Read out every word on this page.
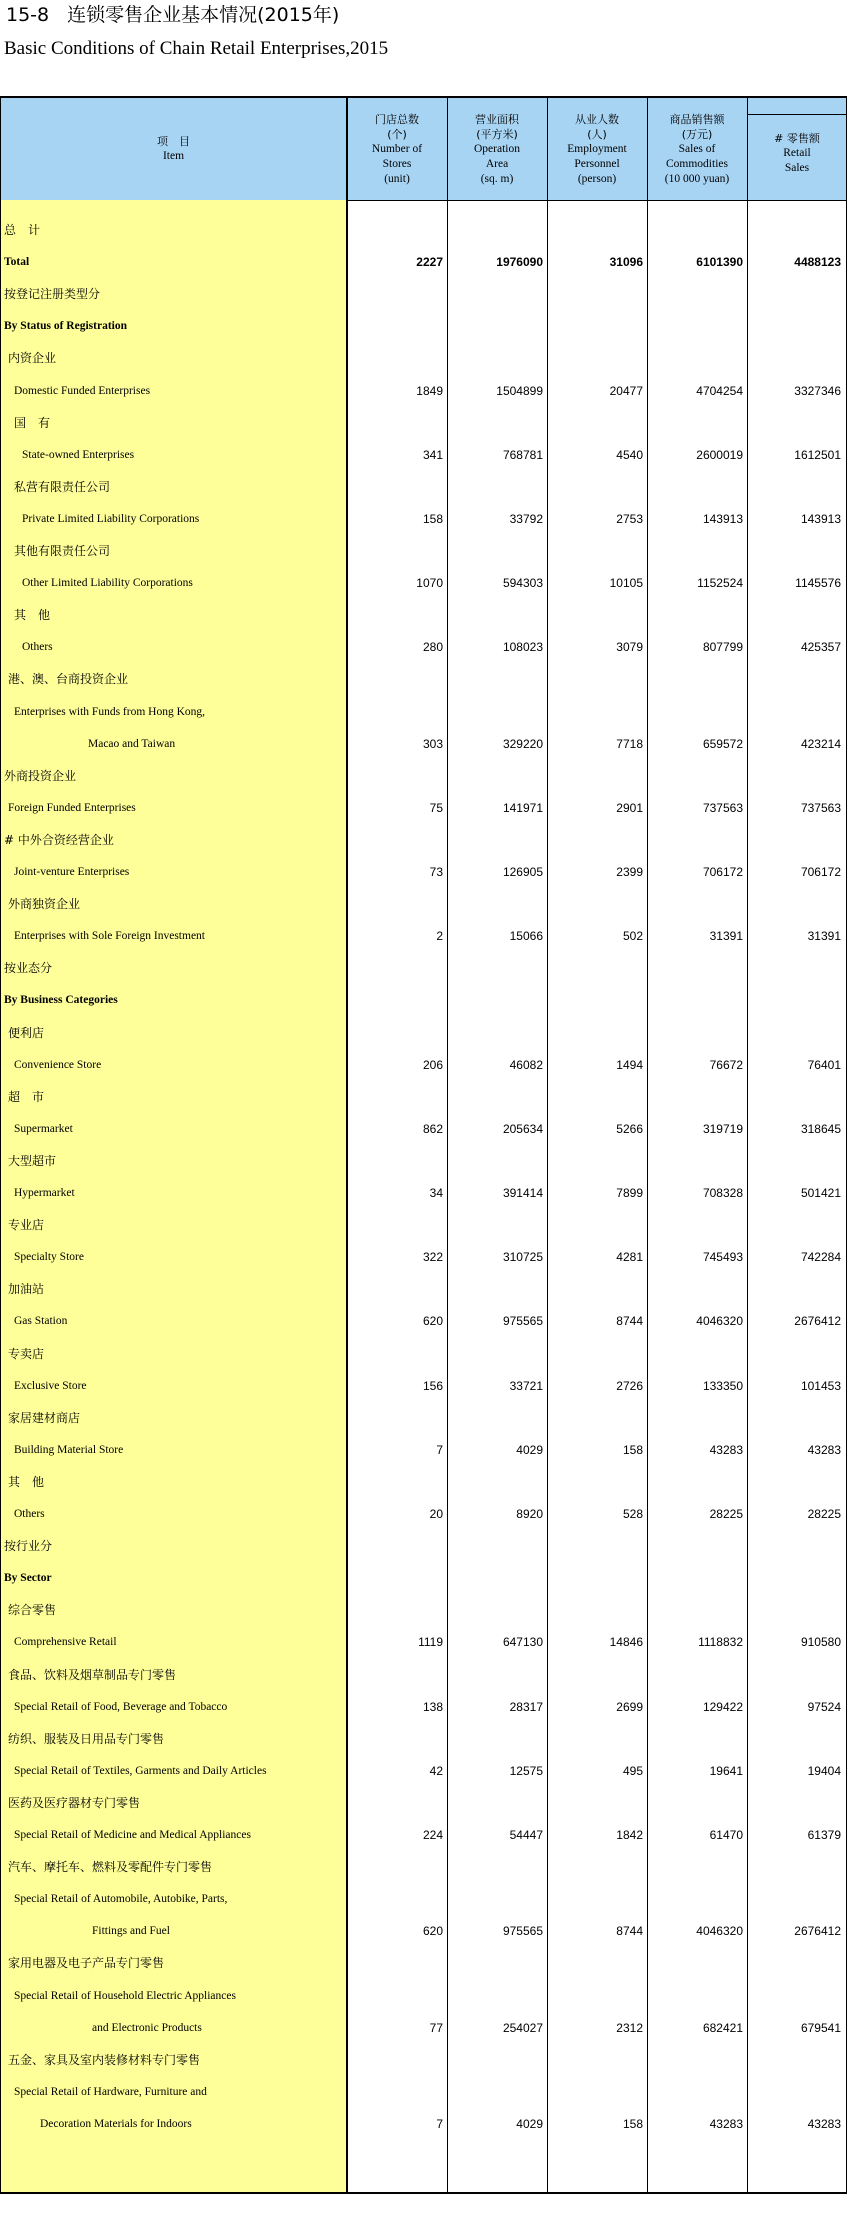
15-8 连锁零售企业基本情况(2015年)
Basic Conditions of Chain Retail Enterprises,2015
项　目
Item
门店总数
(个)
Number of
Stores
(unit)
营业面积
(平方米)
Operation
Area
(sq. m)
从业人数
(人)
Employment
Personnel
(person)
商品销售额
(万元)
Sales of
Commodities
(10 000 yuan)
# 零售额
Retail
Sales
总　计
Total	2227	1976090	31096	6101390	4488123
按登记注册类型分
By Status of Registration
内资企业
Domestic Funded Enterprises	1849	1504899	20477	4704254	3327346
国　有
State-owned Enterprises	341	768781	4540	2600019	1612501
私营有限责任公司
Private Limited Liability Corporations	158	33792	2753	143913	143913
其他有限责任公司
Other Limited Liability Corporations	1070	594303	10105	1152524	1145576
其　他
Others	280	108023	3079	807799	425357
港、澳、台商投资企业
Enterprises with Funds from Hong Kong,
Macao and Taiwan	303	329220	7718	659572	423214
外商投资企业
Foreign Funded Enterprises	75	141971	2901	737563	737563
# 中外合资经营企业
Joint-venture Enterprises	73	126905	2399	706172	706172
外商独资企业
Enterprises with Sole Foreign Investment	2	15066	502	31391	31391
按业态分
By Business Categories
便利店
Convenience Store	206	46082	1494	76672	76401
超　市
Supermarket	862	205634	5266	319719	318645
大型超市
Hypermarket	34	391414	7899	708328	501421
专业店
Specialty Store	322	310725	4281	745493	742284
加油站
Gas Station	620	975565	8744	4046320	2676412
专卖店
Exclusive Store	156	33721	2726	133350	101453
家居建材商店
Building Material Store	7	4029	158	43283	43283
其　他
Others	20	8920	528	28225	28225
按行业分
By Sector
综合零售
Comprehensive Retail	1119	647130	14846	1118832	910580
食品、饮料及烟草制品专门零售
Special Retail of Food, Beverage and Tobacco	138	28317	2699	129422	97524
纺织、服装及日用品专门零售
Special Retail of Textiles, Garments and Daily Articles	42	12575	495	19641	19404
医药及医疗器材专门零售
Special Retail of Medicine and Medical Appliances	224	54447	1842	61470	61379
汽车、摩托车、燃料及零配件专门零售
Special Retail of Automobile, Autobike, Parts,
Fittings and Fuel	620	975565	8744	4046320	2676412
家用电器及电子产品专门零售
Special Retail of Household Electric Appliances
and Electronic Products	77	254027	2312	682421	679541
五金、家具及室内装修材料专门零售
Special Retail of Hardware, Furniture and
Decoration Materials for Indoors	7	4029	158	43283	43283
